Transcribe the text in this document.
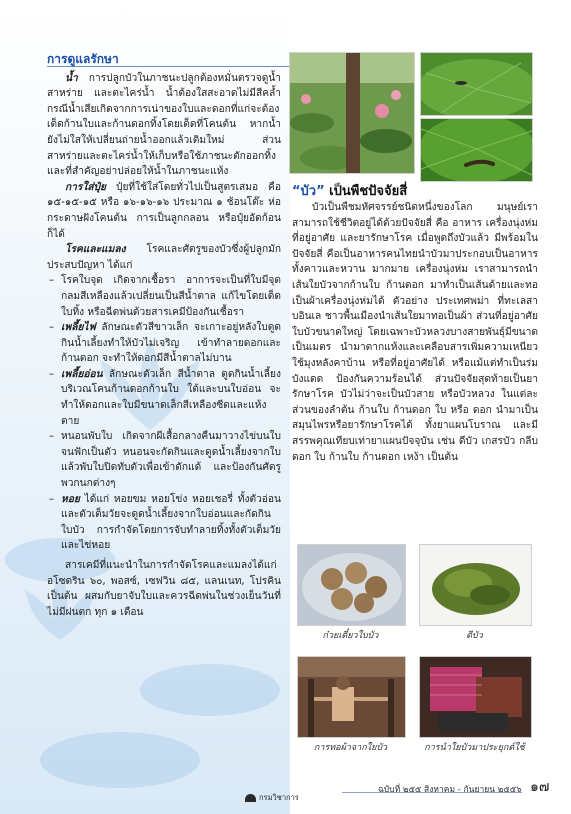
การดูแลรักษา

น้ำ การปลูกบัวในภาชนะปลูกต้องหมั่นตรวจดูน้ำสาหร่าย และตะไคร่น้ำ น้ำต้องใสสะอาดไม่มีสีคล้ำ กรณีน้ำเสียเกิดจากการเน่าของใบและดอกที่แก่จะต้องเด็ดก้านใบและก้านดอกทิ้งโดยเด็ดที่โคนต้น หากน้ำยังไม่ใสให้เปลี่ยนถ่ายน้ำออกแล้วเติมใหม่ ส่วนสาหร่ายและตะไคร่น้ำให้เก็บหรือใช้ภาชนะตักออกทิ้ง และที่สำคัญอย่าปล่อยให้น้ำในภาชนะแห้ง

การใส่ปุ๋ย ปุ๋ยที่ใช้ใส่โดยทั่วไปเป็นสูตรเสมอ คือ ๑๕-๑๕-๑๕ หรือ ๑๖-๑๖-๑๖ ประมาณ ๑ ช้อนโต๊ะ ห่อกระดาษฝังโคนต้น การเป็นลูกกลอน หรือปุ๋ยอัดก้อนก็ได้

โรคและแมลง โรคและศัตรูของบัวซึ่งผู้ปลูกมักประสบปัญหา ได้แก่

– โรคใบจุด เกิดจากเชื้อรา อาการจะเป็นที่ใบมีจุดกลมสีเหลืองแล้วเปลี่ยนเป็นสีน้ำตาล แก้ไขโดยเด็ดใบทิ้ง หรือฉีดพ่นด้วยสารเคมีป้องกันเชื้อรา
– เพลี้ยไฟ ลักษณะตัวสีขาวเล็ก จะเกาะอยู่หลังใบดูดกินน้ำเลี้ยงทำให้บัวไม่เจริญ เข้าทำลายดอกและก้านดอก จะทำให้ดอกมีสีน้ำตาลไม่บาน
– เพลี้ยอ่อน ลักษณะตัวเล็ก สีน้ำตาล ดูดกินน้ำเลี้ยงบริเวณโคนก้านดอกก้านใบ ใต้และบนใบอ่อน จะทำให้ดอกและใบมีขนาดเล็กสีเหลืองซีดและแห้งตาย
– หนอนพับใบ เกิดจากผีเสื้อกลางคืนมาวางไข่บนใบจนฟักเป็นตัว หนอนจะกัดกินและดูดน้ำเลี้ยงจากใบแล้วพับใบปิดทับตัวเพื่อเข้าดักแด้ และป้องกันศัตรูพวกนกต่างๆ
– หอย ได้แก่ หอยขม หอยโข่ง หอยเชอรี่ ทั้งตัวอ่อนและตัวเต็มวัยจะดูดน้ำเลี้ยงจากใบอ่อนและกัดกินใบบัว การกำจัดโดยการจับทำลายทิ้งทั้งตัวเต็มวัยและไข่หอย

สารเคมีที่แนะนำในการกำจัดโรคและแมลงได้แก่ อโซดริน ๖๐, พอสซ์, เซฟวิน ๘๕, แลนเนท, โปรคิน เป็นต้น ผสมกับยาจับใบและควรฉีดพ่นในช่วงเย็นวันที่ไม่มีฝนตก ทุก ๑ เดือน

“บัว” เป็นพืชปัจจัยสี่
บัวเป็นพืชมหัศจรรย์ชนิดหนึ่งของโลก มนุษย์เราสามารถใช้ชีวิตอยู่ได้ด้วยปัจจัยสี่ คือ อาหาร เครื่องนุ่งห่ม ที่อยู่อาศัย และยารักษาโรค เมื่อพูดถึงบัวแล้ว มีพร้อมในปัจจัยสี่ คือเป็นอาหารคนไทยนำบัวมาประกอบเป็นอาหารทั้งคาวและหวาน มากมาย เครื่องนุ่งห่ม เราสามารถนำเส้นใยบัวจากก้านใบ ก้านดอก มาทำเป็นเส้นด้ายและทอเป็นผ้าเครื่องนุ่งห่มได้ ตัวอย่าง ประเทศพม่า ที่ทะเลสาบอินเล ชาวพื้นเมืองนำเส้นใยมาทอเป็นผ้า ส่วนที่อยู่อาศัยใบบัวขนาดใหญ่ โดยเฉพาะบัวหลวงบางสายพันธุ์มีขนาดเป็นเมตร นำมาตากแห้งและเคลือบสารเพิ่มความเหนียวใช้มุงหลังคาบ้าน หรือที่อยู่อาศัยได้ หรือแม้แต่ทำเป็นร่มบังแดด ป้องกันความร้อนได้ ส่วนปัจจัยสุดท้ายเป็นยารักษาโรค บัวไม่ว่าจะเป็นบัวสาย หรือบัวหลวง ในแต่ละส่วนของลำต้น ก้านใบ ก้านดอก ใบ หรือ ดอก นำมาเป็นสมุนไพรหรือยารักษาโรคได้ ทั้งยาแผนโบราณ และมีสรรพคุณเทียบเท่ายาแผนปัจจุบัน เช่น ดีบัว เกสรบัว กลีบดอก ใบ ก้านใบ ก้านดอก เหง้า เป็นต้น
ก๋วยเตี๋ยวใบบัว	ดีบัว
การทอผ้าจากใยบัว	การนำใยบัวมาประยุกต์ใช้
กรมวิชาการ
ฉบับที่ ๒๕๕ สิงหาคม - กันยายน ๒๕๕๖ ๑๗
